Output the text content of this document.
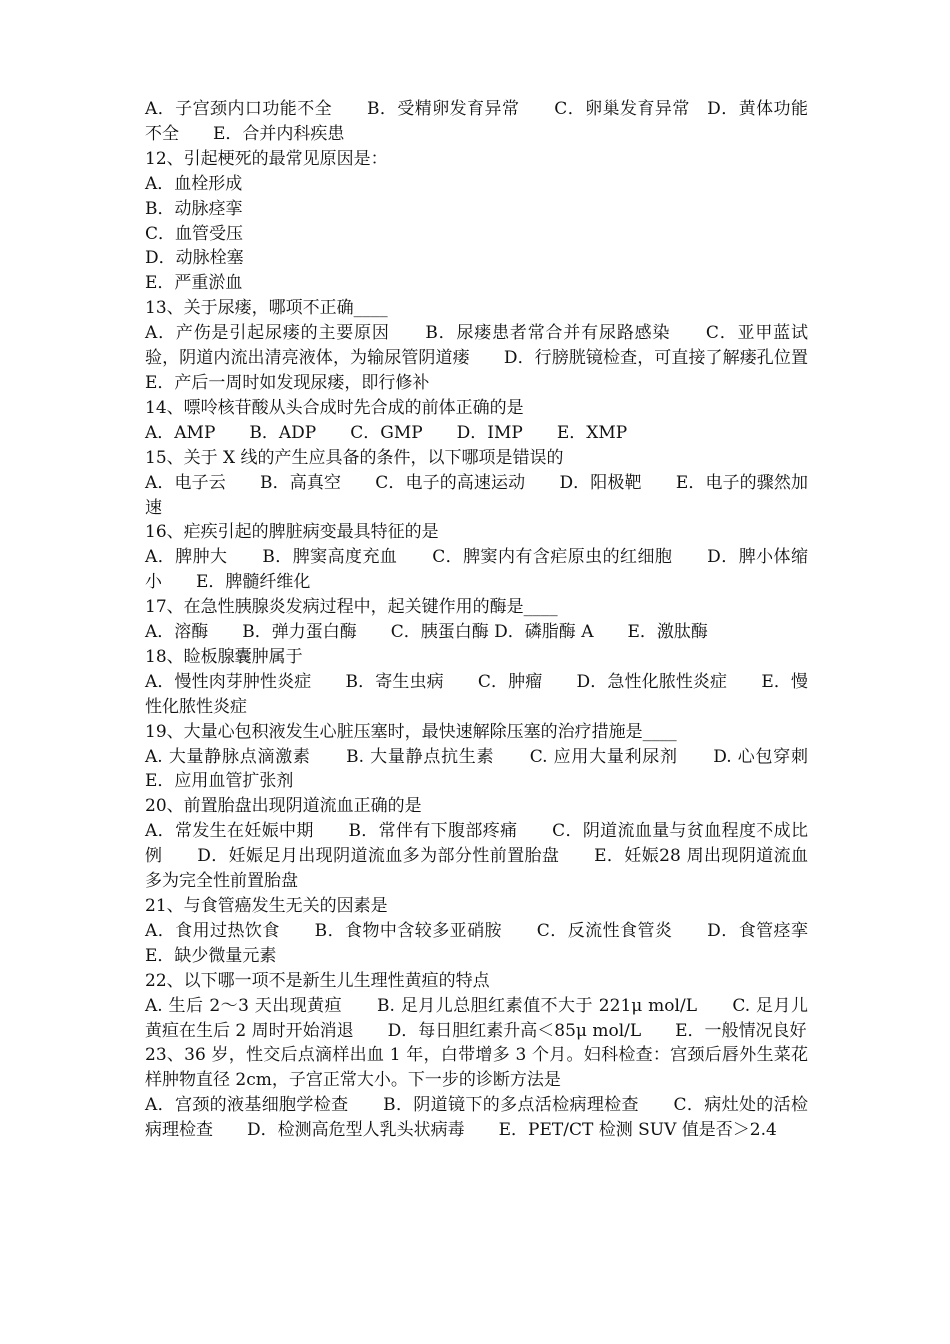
A．子宫颈内口功能不全　　B．受精卵发育异常　　C．卵巢发育异常　D．黄体功能不全　　E．合并内科疾患

12、引起梗死的最常见原因是：

A．血栓形成

B．动脉痉挛

C．血管受压

D．动脉栓塞

E．严重淤血

13、关于尿瘘，哪项不正确____

A．产伤是引起尿瘘的主要原因　　B．尿瘘患者常合并有尿路感染　　C．亚甲蓝试验，阴道内流出清亮液体，为输尿管阴道瘘　　D．行膀胱镜检查，可直接了解瘘孔位置　　E．产后一周时如发现尿瘘，即行修补

14、嘌呤核苷酸从头合成时先合成的前体正确的是

A．AMP　　B．ADP　　C．GMP　　D．IMP　　E．XMP

15、关于 X 线的产生应具备的条件，以下哪项是错误的

A．电子云　　B．高真空　　C．电子的高速运动　　D．阳极靶　　E．电子的骤然加速

16、疟疾引起的脾脏病变最具特征的是

A．脾肿大　　B．脾窦高度充血　　C．脾窦内有含疟原虫的红细胞　　D．脾小体缩小　　E．脾髓纤维化

17、在急性胰腺炎发病过程中，起关键作用的酶是____

A．溶酶　　B．弹力蛋白酶　　C．胰蛋白酶 D．磷脂酶 A　　E．激肽酶

18、睑板腺囊肿属于

A．慢性肉芽肿性炎症　　B．寄生虫病　　C．肿瘤　　D．急性化脓性炎症　　E．慢性化脓性炎症

19、大量心包积液发生心脏压塞时，最快速解除压塞的治疗措施是____

A. 大量静脉点滴激素　　B. 大量静点抗生素　　C. 应用大量利尿剂　　D. 心包穿刺　　E．应用血管扩张剂

20、前置胎盘出现阴道流血正确的是

A．常发生在妊娠中期　　B．常伴有下腹部疼痛　　C．阴道流血量与贫血程度不成比例　　D．妊娠足月出现阴道流血多为部分性前置胎盘　　E．妊娠28 周出现阴道流血多为完全性前置胎盘

21、与食管癌发生无关的因素是

A．食用过热饮食　　B．食物中含较多亚硝胺　　C．反流性食管炎　　D．食管痉挛　　E．缺少微量元素

22、以下哪一项不是新生儿生理性黄疸的特点

A. 生后 2～3 天出现黄疸　　B. 足月儿总胆红素值不大于 221μ mol/L　　C. 足月儿黄疸在生后 2 周时开始消退　　D．每日胆红素升高＜85μ mol/L　　E．一般情况良好

23、36 岁，性交后点滴样出血 1 年，白带增多 3 个月。妇科检查：宫颈后唇外生菜花样肿物直径 2cm，子宫正常大小。下一步的诊断方法是

A．宫颈的液基细胞学检查　　B．阴道镜下的多点活检病理检查　　C．病灶处的活检病理检查　　D．检测高危型人乳头状病毒　　E．PET/CT 检测 SUV 值是否＞2.4
